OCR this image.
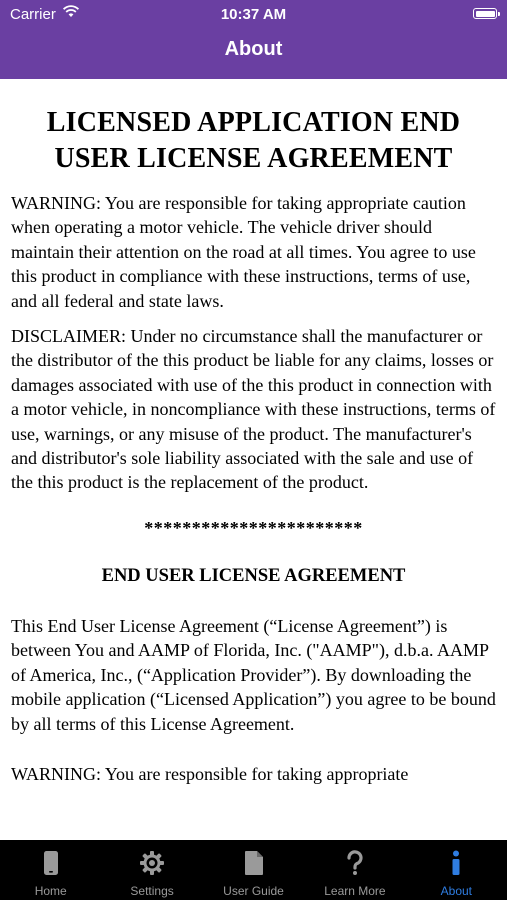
Carrier	10:37 AM
About
LICENSED APPLICATION END
USER LICENSE AGREEMENT

WARNING: You are responsible for taking appropriate caution when operating a motor vehicle. The vehicle driver should maintain their attention on the road at all times. You agree to use this product in compliance with these instructions, terms of use, and all federal and state laws.

DISCLAIMER: Under no circumstance shall the manufacturer or the distributor of the this product be liable for any claims, losses or damages associated with use of the this product in connection with a motor vehicle, in noncompliance with these instructions, terms of use, warnings, or any misuse of the product. The manufacturer's and distributor's sole liability associated with the sale and use of the this product is the replacement of the product.

***********************
END USER LICENSE AGREEMENT

This End User License Agreement (“License Agreement”) is between You and AAMP of Florida, Inc. ("AAMP"), d.b.a. AAMP of America, Inc., (“Application Provider”). By downloading the mobile application (“Licensed Application”) you agree to be bound by all terms of this License Agreement.

WARNING: You are responsible for taking appropriate

Home	Settings	User Guide	Learn More	About
